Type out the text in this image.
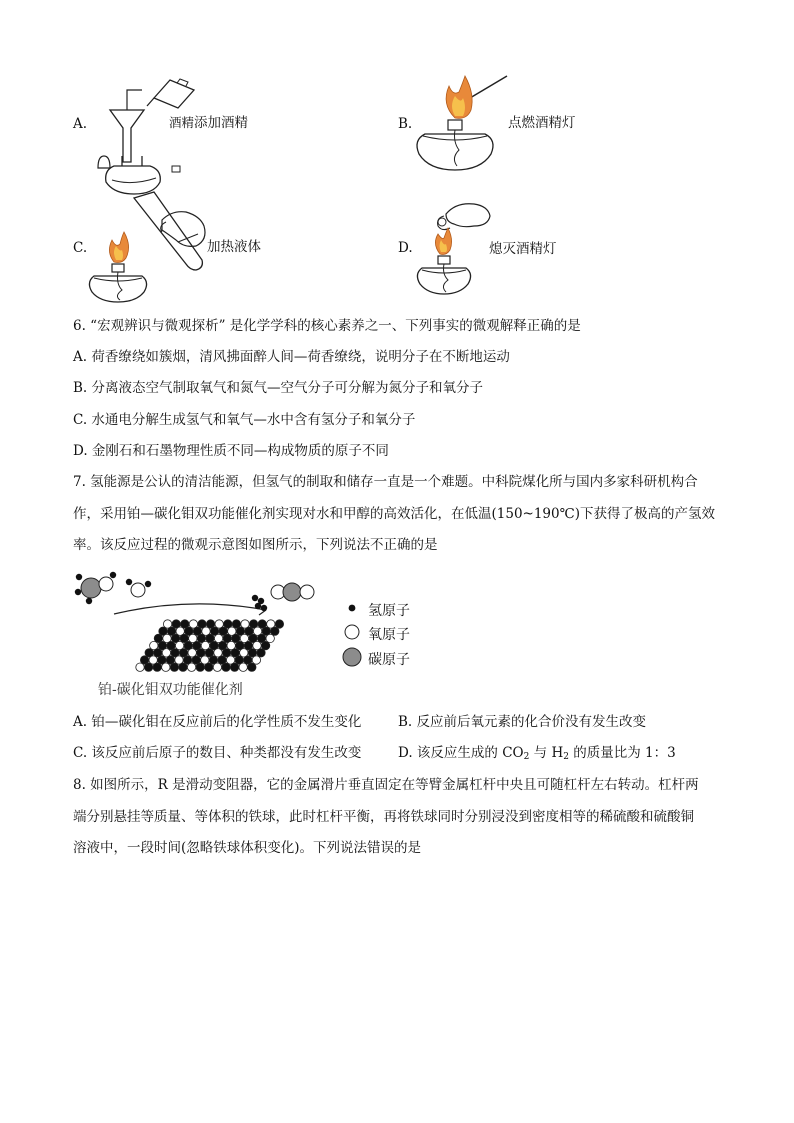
A.	酒精添加酒精	B.	点燃酒精灯
C.	加热液体	D.	熄灭酒精灯
6. “宏观辨识与微观探析” 是化学学科的核心素养之一、下列事实的微观解释正确的是
A. 荷香缭绕如簇烟，清风拂面醉人间—荷香缭绕，说明分子在不断地运动
B. 分离液态空气制取氧气和氮气—空气分子可分解为氮分子和氧分子
C. 水通电分解生成氢气和氧气—水中含有氢分子和氧分子
D. 金刚石和石墨物理性质不同—构成物质的原子不同
7. 氢能源是公认的清洁能源，但氢气的制取和储存一直是一个难题。中科院煤化所与国内多家科研机构合
作，采用铂—碳化钼双功能催化剂实现对水和甲醇的高效活化，在低温(150~190℃)下获得了极高的产氢效
率。该反应过程的微观示意图如图所示，下列说法不正确的是
氢原子
氧原子
碳原子
铂-碳化钼双功能催化剂
A. 铂—碳化钼在反应前后的化学性质不发生变化	B. 反应前后氧元素的化合价没有发生改变
C. 该反应前后原子的数目、种类都没有发生改变	D. 该反应生成的 $CO_2$ 与 $H_2$ 的质量比为 1：3
8. 如图所示，R 是滑动变阻器，它的金属滑片垂直固定在等臂金属杠杆中央且可随杠杆左右转动。杠杆两
端分别悬挂等质量、等体积的铁球，此时杠杆平衡，再将铁球同时分别浸没到密度相等的稀硫酸和硫酸铜
溶液中，一段时间(忽略铁球体积变化)。下列说法错误的是
